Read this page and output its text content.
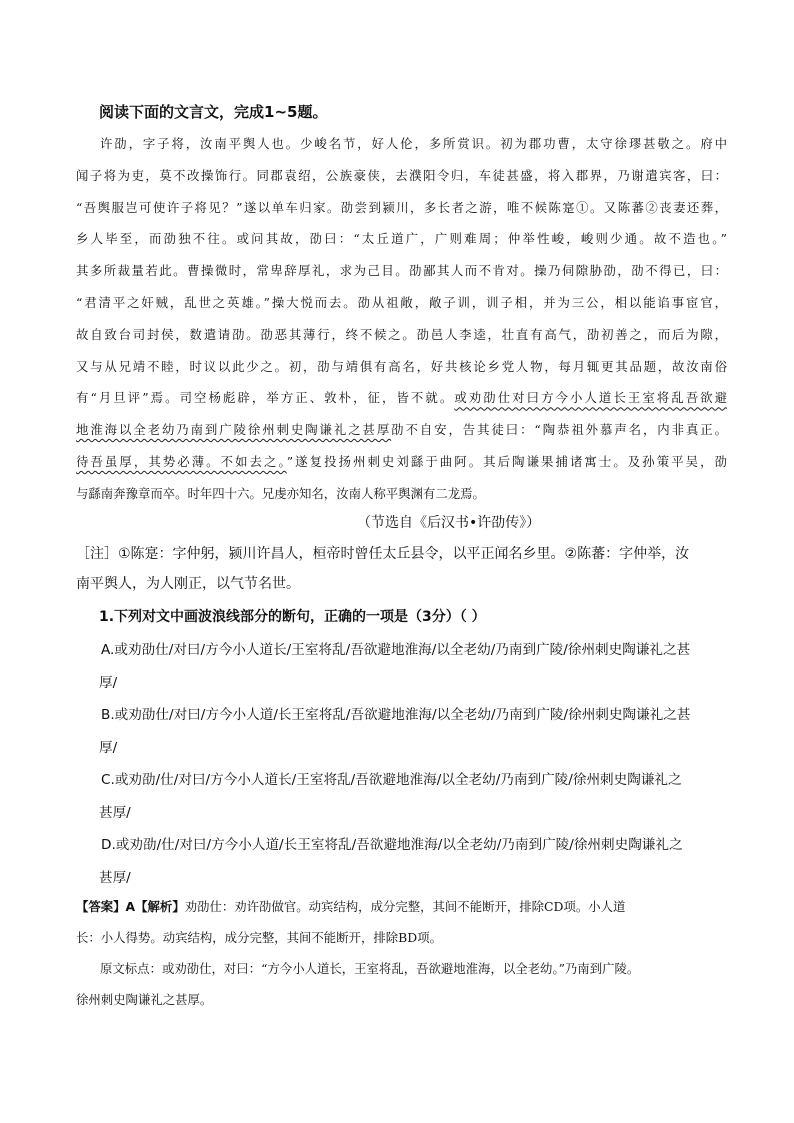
阅读下面的文言文，完成1~5题。
许劭，字子将，汝南平舆人也。少峻名节，好人伦，多所赏识。初为郡功曹，太守徐璆甚敬之。府中
闻子将为吏，莫不改操饰行。同郡袁绍，公族豪侠，去濮阳令归，车徒甚盛，将入郡界，乃谢遣宾客，曰：
“吾舆服岂可使许子将见？”遂以单车归家。劭尝到颍川，多长者之游，唯不候陈寔①。又陈蕃②丧妻还葬，
乡人毕至，而劭独不往。或问其故，劭曰：“太丘道广，广则难周；仲举性峻，峻则少通。故不造也。”
其多所裁量若此。曹操微时，常卑辞厚礼，求为己目。劭鄙其人而不肯对。操乃伺隙胁劭，劭不得已，曰：
“君清平之奸贼，乱世之英雄。”操大悦而去。劭从祖敞，敞子训，训子相，并为三公，相以能谄事宦官，
故自致台司封侯，数遣请劭。劭恶其薄行，终不候之。劭邑人李逵，壮直有高气，劭初善之，而后为隙，
又与从兄靖不睦，时议以此少之。初，劭与靖俱有高名，好共核论乡党人物，每月辄更其品题，故汝南俗
有“月旦评”焉。司空杨彪辟，举方正、敦朴，征，皆不就。或劝劭仕对曰方今小人道长王室将乱吾欲避
地淮海以全老幼乃南到广陵徐州刺史陶谦礼之甚厚劭不自安，告其徒曰：“陶恭祖外慕声名，内非真正。
待吾虽厚，其势必薄。不如去之。”遂复投扬州刺史刘繇于曲阿。其后陶谦果捕诸寓士。及孙策平吴，劭
与繇南奔豫章而卒。时年四十六。兄虔亦知名，汝南人称平舆渊有二龙焉。
（节选自《后汉书•许劭传》）
［注］①陈寔：字仲躬，颍川许昌人，桓帝时曾任太丘县令，以平正闻名乡里。②陈蕃：字仲举，汝
南平舆人，为人刚正，以气节名世。
1.下列对文中画波浪线部分的断句，正确的一项是（3分）（ ）
A.或劝劭仕/对曰/方今小人道长/王室将乱/吾欲避地淮海/以全老幼/乃南到广陵/徐州刺史陶谦礼之甚
厚/
B.或劝劭仕/对曰/方今小人道/长王室将乱/吾欲避地淮海/以全老幼/乃南到广陵/徐州刺史陶谦礼之甚
厚/
C.或劝劭/仕/对曰/方今小人道长/王室将乱/吾欲避地淮海/以全老幼/乃南到广陵/徐州刺史陶谦礼之
甚厚/
D.或劝劭/仕/对曰/方今小人道/长王室将乱/吾欲避地淮海/以全老幼/乃南到广陵/徐州刺史陶谦礼之
甚厚/
【答案】A【解析】劝劭仕：劝许劭做官。动宾结构，成分完整，其间不能断开，排除CD项。小人道
长：小人得势。动宾结构，成分完整，其间不能断开，排除BD项。
原文标点：或劝劭仕，对曰：“方今小人道长，王室将乱，吾欲避地淮海，以全老幼。”乃南到广陵。
徐州刺史陶谦礼之甚厚。
